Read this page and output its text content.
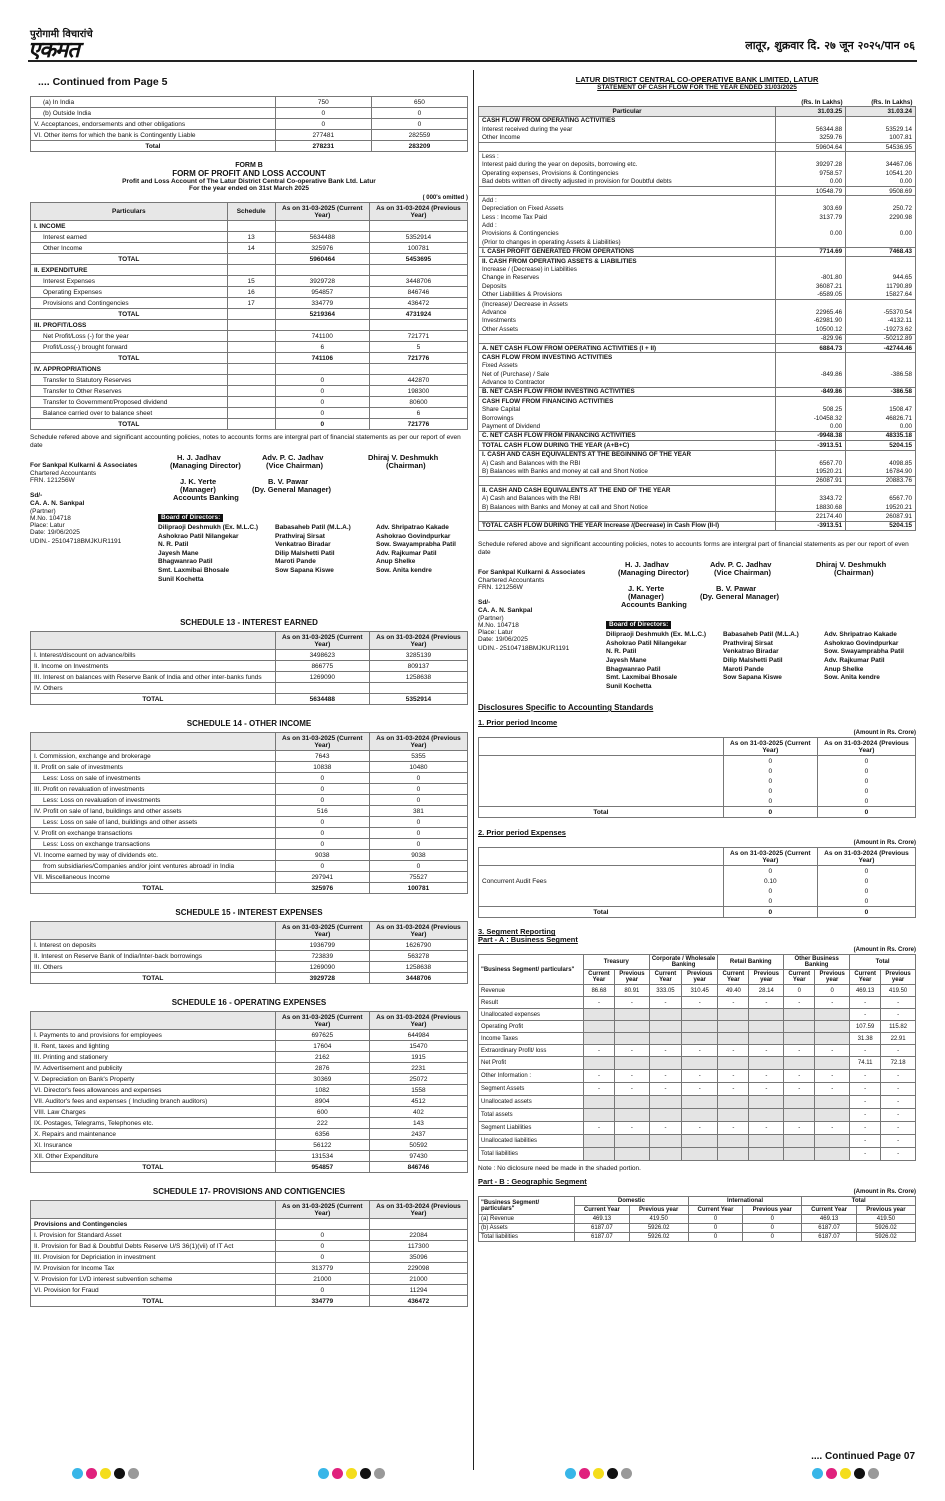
पुरोगामी विचारांचे
एकमत	लातूर, शुक्रवार दि. २७ जून २०२५/पान ०६
.... Continued from Page 5
(a) In India	750	650
(b) Outside India	0	0
V. Acceptances, endorsements and other obligations	0	0
VI. Other items for which the bank is Contingently Liable	277481	282559
Total	278231	283209
FORM B
FORM OF PROFIT AND LOSS ACCOUNT
Profit and Loss Account of The Latur District Central Co-operative Bank Ltd. Latur
For the year ended on 31st March 2025
( 000's omitted )
Particulars	Schedule	As on 31-03-2025 (Current Year)	As on 31-03-2024 (Previous Year)
I. INCOME			
Interest earned	13	5634488	5352914
Other Income	14	325976	100781
TOTAL		5960464	5453695
II. EXPENDITURE			
Interest Expenses	15	3929728	3448706
Operating Expenses	16	954857	846746
Provisions and Contingencies	17	334779	436472
TOTAL		5219364	4731924
III. PROFIT/LOSS			
Net Profit/Loss (-) for the year		741100	721771
Profit/Loss(-) brought forward		6	5
TOTAL		741106	721776
IV. APPROPRIATIONS			
Transfer to Statutory Reserves		0	442870
Transfer to Other Reserves		0	198300
Transfer to Government/Proposed dividend		0	80600
Balance carried over to balance sheet		0	6
TOTAL		0	721776
Schedule refered above and significant accounting policies, notes to accounts forms are intergral part of financial statements as per our report of even date
H. J. Jadhav
(Managing Director)
Adv. P. C. Jadhav
(Vice Chairman)
Dhiraj V. Deshmukh
(Chairman)
For Sankpal Kulkarni & Associates
Chartered Accountants
FRN. 121256W	J. K. Yerte
(Manager)
Accounts Banking
B. V. Pawar
(Dy. General Manager)
Sd/-
CA. A. N. Sankpal
(Partner)
M.No. 104718
Place: Latur
Date: 19/06/2025
UDIN.- 25104718BMJKUR1191
Board of Directors:
Dilipraoji Deshmukh (Ex. M.L.C.)
Ashokrao Patil Nilangekar
N. R. Patil
Jayesh Mane
Bhagwanrao Patil
Smt. Laxmibai Bhosale
Sunil Kochetta
Babasaheb Patil (M.L.A.)
Prathviraj Sirsat
Venkatrao Biradar
Dilip Malshetti Patil
Maroti Pande
Sow Sapana Kiswe
Adv. Shripatrao Kakade
Ashokrao Govindpurkar
Sow. Swayamprabha Patil
Adv. Rajkumar Patil
Anup Shelke
Sow. Anita kendre
SCHEDULE 13 - INTEREST EARNED
	As on 31-03-2025 (Current Year)	As on 31-03-2024 (Previous Year)
I. Interest/discount on advance/bills	3498623	3285139
II. Income on Investments	866775	809137
III. Interest on balances with Reserve Bank of India and other inter-banks funds	1269090	1258638
IV. Others		
TOTAL	5634488	5352914
SCHEDULE 14 - OTHER INCOME
	As on 31-03-2025 (Current Year)	As on 31-03-2024 (Previous Year)
I. Commission, exchange and brokerage	7643	5355
II. Profit on sale of investments	10838	10480
Less: Loss on sale of investments	0	0
III. Profit on revaluation of investments	0	0
Less: Loss on revaluation of investments	0	0
IV. Profit on sale of land, buildings and other assets	516	381
Less: Loss on sale of land, buildings and other assets	0	0
V. Profit on exchange transactions	0	0
Less: Loss on exchange transactions	0	0
VI. Income earned by way of dividends etc.	9038	9038
from subsidiaries/Companies and/or joint ventures abroad/ in India	0	0
VII. Miscellaneous Income	297941	75527
TOTAL	325976	100781
SCHEDULE 15 - INTEREST EXPENSES
	As on 31-03-2025 (Current Year)	As on 31-03-2024 (Previous Year)
I. Interest on deposits	1936799	1626790
II. Interest on Reserve Bank of India/Inter-back borrowings	723839	563278
III. Others	1269090	1258638
TOTAL	3929728	3448706
SCHEDULE 16 - OPERATING EXPENSES
	As on 31-03-2025 (Current Year)	As on 31-03-2024 (Previous Year)
I. Payments to and provisions for employees	697625	644984
II. Rent, taxes and lighting	17604	15470
III. Printing and stationery	2162	1915
IV. Advertisement and publicity	2876	2231
V. Depreciation on Bank's Property	30369	25072
VI. Director's fees allowances and expenses	1082	1558
VII. Auditor's fees and expenses ( Including branch auditors)	8904	4512
VIII. Law Charges	600	402
IX. Postages, Telegrams, Telephones etc.	222	143
X. Repairs and maintenance	6356	2437
XI. Insurance	56122	50592
XII. Other Expenditure	131534	97430
TOTAL	954857	846746
SCHEDULE 17- PROVISIONS AND CONTIGENCIES
	As on 31-03-2025 (Current Year)	As on 31-03-2024 (Previous Year)
Provisions and Contingencies		
I. Provision for Standard Asset	0	22084
II. Provision for Bad & Doubtful Debts Reserve U/S 36(1)(vii) of IT Act	0	117300
III. Provision for Depriciation in investment	0	35096
IV. Provision for Income Tax	313779	229098
V. Provision for LVD interest subvention scheme	21000	21000
VI. Provision for Fraud	0	11294
TOTAL	334779	436472
LATUR DISTRICT CENTRAL CO-OPERATIVE BANK LIMITED, LATUR
STATEMENT OF CASH FLOW FOR THE YEAR ENDED 31/03/2025
	(Rs. In Lakhs)	(Rs. In Lakhs)
Particular	31.03.25	31.03.24
CASH FLOW FROM OPERATING ACTIVITIES		
Interest received during the year	56344.88	53529.14
Other Income	3259.76	1007.81
	59604.64	54536.95
Less :		
Interest paid during the year on deposits, borrowing etc.	39297.28	34467.06
Operating expenses, Provisions & Contingencies	9758.57	10541.20
Bad debts written off directly adjusted in provision for Doubtful debts	0.00	0.00
	10548.79	9508.69
Add :		
Depreciation on Fixed Assets	303.69	250.72
Less : Income Tax Paid	3137.79	2290.98
Add :		
Provisions & Contingencies	0.00	0.00
(Prior to changes in operating Assets & Liabilities)		
I. CASH PROFIT GENERATED FROM OPERATIONS	7714.69	7468.43
II. CASH FROM OPERATING ASSETS & LIABILITIES		
Increase / (Decrease) in Liabilities		
Change in Reserves	-801.80	944.65
Deposits	36087.21	11790.89
Other Liabilities & Provisions	-6589.05	15827.64
(Increase)/ Decrease in Assets		
Advance	22965.46	-55370.54
Investments	-62981.90	-4132.11
Other Assets	10500.12	-19273.62
	-829.96	-50212.89
A. NET CASH FLOW FROM OPERATING ACTIVITIES (I + II)	6884.73	-42744.46
CASH FLOW FROM INVESTING ACTIVITIES		
Fixed Assets		
Net of (Purchase) / Sale	-849.86	-386.58
Advance to Contractor		
B. NET CASH FLOW FROM INVESTING ACTIVITIES	-849.86	-386.58
CASH FLOW FROM FINANCING ACTIVITIES		
Share Capital	508.25	1508.47
Borrowings	-10458.32	46826.71
Payment of Dividend	0.00	0.00
C. NET CASH FLOW FROM FINANCING ACTIVITIES	-9948.38	48335.18
TOTAL CASH FLOW DURING THE YEAR (A+B+C)	-3913.51	5204.15
I. CASH AND CASH EQUIVALENTS AT THE BEGINNING OF THE YEAR		
A) Cash and Balances with the RBI	6567.70	4098.85
B) Balances with Banks and money at call and Short Notice	19520.21	16784.90
	26087.91	20883.76
II. CASH AND CASH EQUIVALENTS AT THE END OF THE YEAR		
A) Cash and Balances with the RBI	3343.72	6567.70
B) Balances with Banks and Money at call and Short Notice	18830.68	19520.21
	22174.40	26087.91
TOTAL CASH FLOW DURING THE YEAR Increase /(Decrease) in Cash Flow (II-I)	-3913.51	5204.15
Schedule refered above and significant accounting policies, notes to accounts forms are intergral part of financial statements as per our report of even date
H. J. Jadhav
(Managing Director)
Adv. P. C. Jadhav
(Vice Chairman)
Dhiraj V. Deshmukh
(Chairman)
For Sankpal Kulkarni & Associates
Chartered Accountants
FRN. 121256W	J. K. Yerte
(Manager)
Accounts Banking
B. V. Pawar
(Dy. General Manager)
Sd/-
CA. A. N. Sankpal
(Partner)
M.No. 104718
Place: Latur
Date: 19/06/2025
UDIN.- 25104718BMJKUR1191
Board of Directors:
Dilipraoji Deshmukh (Ex. M.L.C.)
Ashokrao Patil Nilangekar
N. R. Patil
Jayesh Mane
Bhagwanrao Patil
Smt. Laxmibai Bhosale
Sunil Kochetta
Babasaheb Patil (M.L.A.)
Prathviraj Sirsat
Venkatrao Biradar
Dilip Malshetti Patil
Maroti Pande
Sow Sapana Kiswe
Adv. Shripatrao Kakade
Ashokrao Govindpurkar
Sow. Swayamprabha Patil
Adv. Rajkumar Patil
Anup Shelke
Sow. Anita kendre
Disclosures Specific to Accounting Standards
1. Prior period Income
(Amount in Rs. Crore)
	As on 31-03-2025 (Current Year)	As on 31-03-2024 (Previous Year)
	0	0
	0	0
	0	0
	0	0
	0	0
Total	0	0
2. Prior period Expenses
(Amount in Rs. Crore)
	As on 31-03-2025 (Current Year)	As on 31-03-2024 (Previous Year)
	0	0
Concurrent Audit Fees	0.10	0
	0	0
	0	0
Total	0	0
3. Segment Reporting
Part - A : Business Segment
(Amount in Rs. Crore)
"Business Segment/ particulars"	Treasury		Corporate / Wholesale Banking		Retail Banking		Other Business Banking		Total	
	Current Year	Previous year	Current Year	Previous year	Current Year	Previous year	Current Year	Previous year	Current Year	Previous year
Revenue	86.68	80.91	333.05	310.45	49.40	28.14	0	0	469.13	419.50
Result	-	-	-	-	-	-	-	-	-	-
Unallocated expenses									-	-
Operating Profit									107.59	115.82
Income Taxes									31.38	22.91
Extraordinary Profit/ loss	-	-	-	-	-	-	-	-	-	-
Net Profit									74.11	72.18
Other Information :	-	-	-	-	-	-	-	-	-	-
Segment Assets	-	-	-	-	-	-	-	-	-	-
Unallocated assets									-	-
Total assets									-	-
Segment Liabilities	-	-	-	-	-	-	-	-	-	-
Unallocated liabilities									-	-
Total liabilities									-	-
Note : No diclosure need be made in the shaded portion.
Part - B : Geographic Segment
(Amount in Rs. Crore)
"Business Segment/ particulars"	Domestic		International		Total	
	Current Year	Previous year	Current Year	Previous year	Current Year	Previous year
(a) Revenue	469.13	419.50	0	0	469.13	419.50
(b) Assets	6187.07	5926.02	0	0	6187.07	5926.02
Total liabilities	6187.07	5926.02	0	0	6187.07	5926.02
.... Continued Page 07
